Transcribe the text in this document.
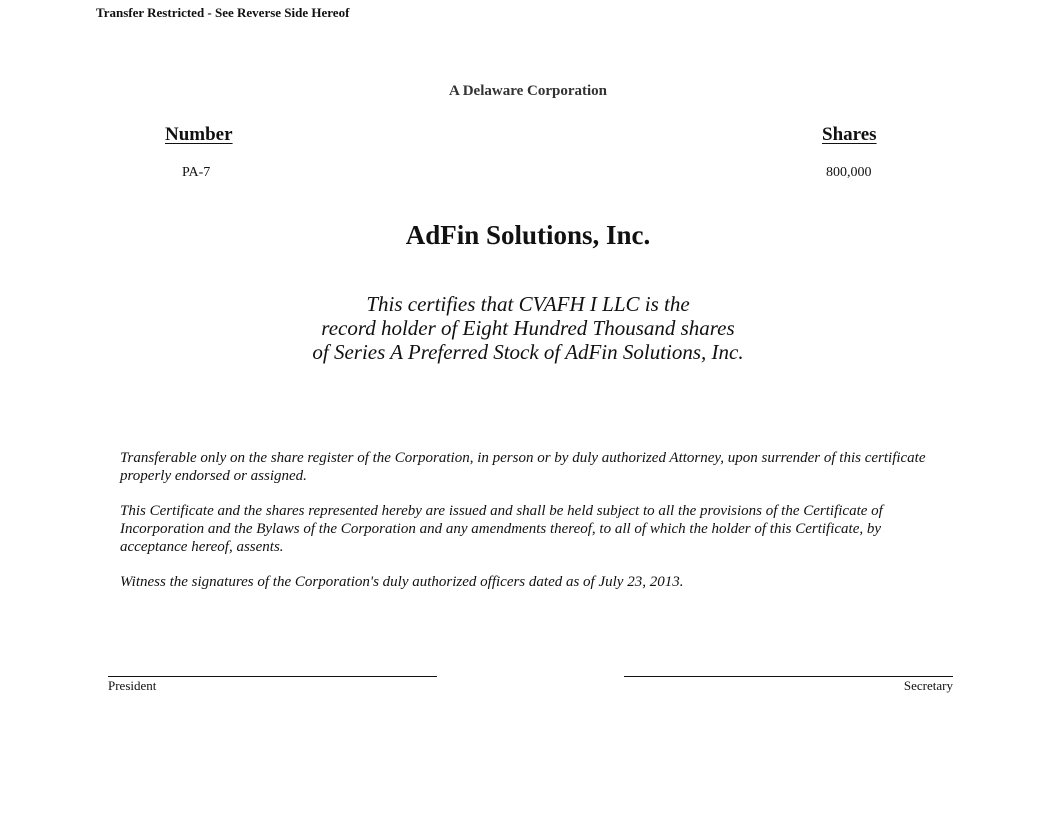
Transfer Restricted - See Reverse Side Hereof
A Delaware Corporation
Number	Shares
PA-7	800,000
AdFin Solutions, Inc.
This certifies that CVAFH I LLC is the
record holder of Eight Hundred Thousand shares
of Series A Preferred Stock of AdFin Solutions, Inc.
Transferable only on the share register of the Corporation, in person or by duly authorized Attorney, upon surrender of this certificate properly endorsed or assigned.
This Certificate and the shares represented hereby are issued and shall be held subject to all the provisions of the Certificate of Incorporation and the Bylaws of the Corporation and any amendments thereof, to all of which the holder of this Certificate, by acceptance hereof, assents.
Witness the signatures of the Corporation's duly authorized officers dated as of July 23, 2013.
President	Secretary
